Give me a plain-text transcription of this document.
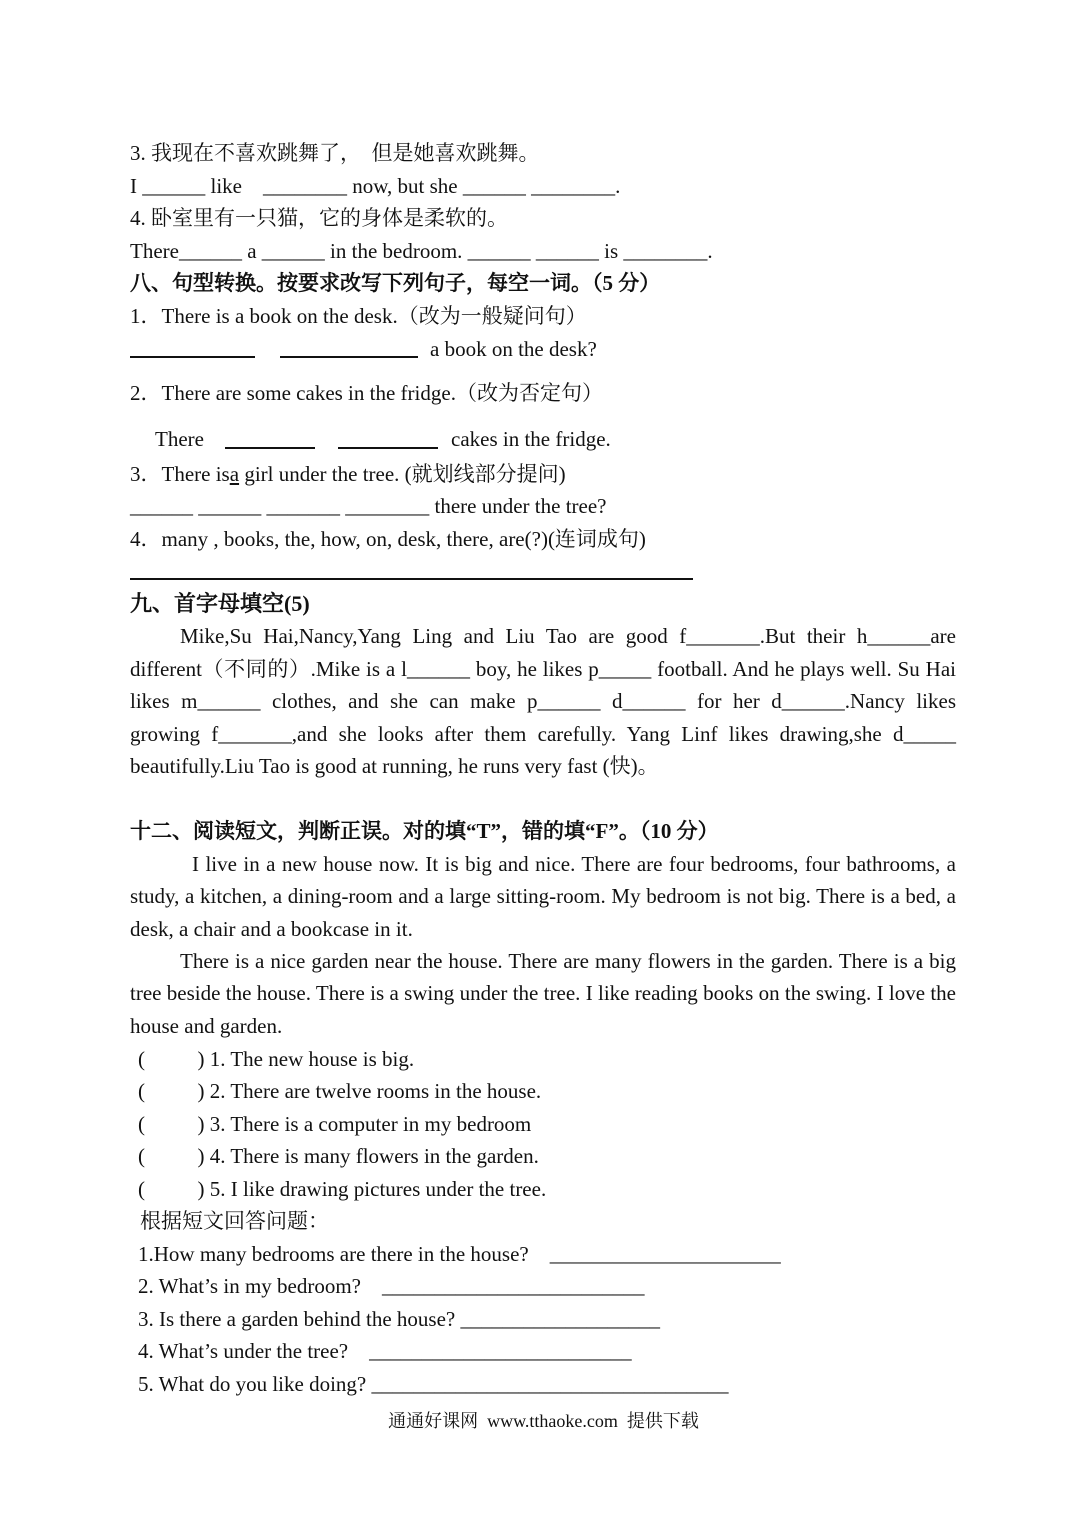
3. 我现在不喜欢跳舞了，  但是她喜欢跳舞。
I ______ like    ________ now, but she ______ ________.
4. 卧室里有一只猫，它的身体是柔软的。
There______ a ______ in the bedroom. ______ ______ is ________.
八、句型转换。按要求改写下列句子，每空一词。（5 分）
1．There is a book on the desk.（改为一般疑问句）
a book on the desk?
2．There are some cakes in the fridge.（改为否定句）
There	cakes in the fridge.
3．There isa girl under the tree. (就划线部分提问)
______ ______ _______ ________ there under the tree?
4．many , books, the, how, on, desk, there, are(?)(连词成句)
九、首字母填空(5)
Mike,Su Hai,Nancy,Yang Ling and Liu Tao are good f_______.But their h______are different（不同的）.Mike is a l______ boy, he likes p_____ football. And he plays well. Su Hai likes m______ clothes, and she can make p______ d______ for her d______.Nancy likes growing f_______,and she looks after them carefully. Yang Linf likes drawing,she d_____ beautifully.Liu Tao is good at running, he runs very fast (快)。
十二、阅读短文，判断正误。对的填“T”，错的填“F”。（10 分）
I live in a new house now. It is big and nice. There are four bedrooms, four bathrooms, a study, a kitchen, a dining-room and a large sitting-room. My bedroom is not big. There is a bed, a desk, a chair and a bookcase in it.
There is a nice garden near the house. There are many flowers in the garden. There is a big tree beside the house. There is a swing under the tree. I like reading books on the swing. I love the house and garden.
(          ) 1. The new house is big.
(          ) 2. There are twelve rooms in the house.
(          ) 3. There is a computer in my bedroom
(          ) 4. There is many flowers in the garden.
(          ) 5. I like drawing pictures under the tree.
根据短文回答问题：
1.How many bedrooms are there in the house?    ______________________
2. What’s in my bedroom?    _________________________
3. Is there a garden behind the house? ___________________
4. What’s under the tree?    _________________________
5. What do you like doing? __________________________________
通通好课网  www.tthaoke.com  提供下载
